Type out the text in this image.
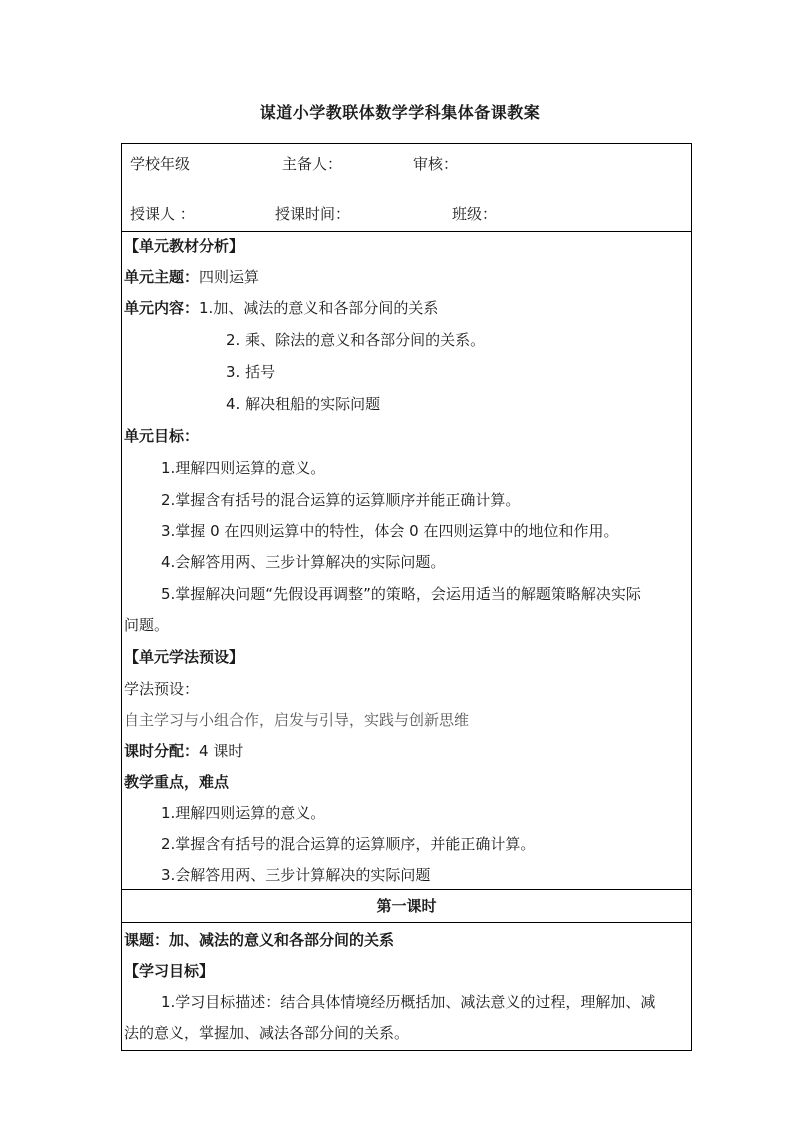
谋道小学教联体数学学科集体备课教案
学校年级	主备人：	审核：
授课人 ：	授课时间：	班级：
【单元教材分析】
单元主题：四则运算
单元内容：1.加、减法的意义和各部分间的关系
2. 乘、除法的意义和各部分间的关系。
3. 括号
4. 解决租船的实际问题
单元目标：
1.理解四则运算的意义。
2.掌握含有括号的混合运算的运算顺序并能正确计算。
3.掌握 0 在四则运算中的特性，体会 0 在四则运算中的地位和作用。
4.会解答用两、三步计算解决的实际问题。
5.掌握解决问题“先假设再调整”的策略，会运用适当的解题策略解决实际
问题。
【单元学法预设】
学法预设：
自主学习与小组合作，启发与引导，实践与创新思维
课时分配：4 课时
教学重点，难点
1.理解四则运算的意义。
2.掌握含有括号的混合运算的运算顺序，并能正确计算。
3.会解答用两、三步计算解决的实际问题
第一课时
课题：加、减法的意义和各部分间的关系
【学习目标】
1.学习目标描述：结合具体情境经历概括加、减法意义的过程，理解加、减
法的意义，掌握加、减法各部分间的关系。
